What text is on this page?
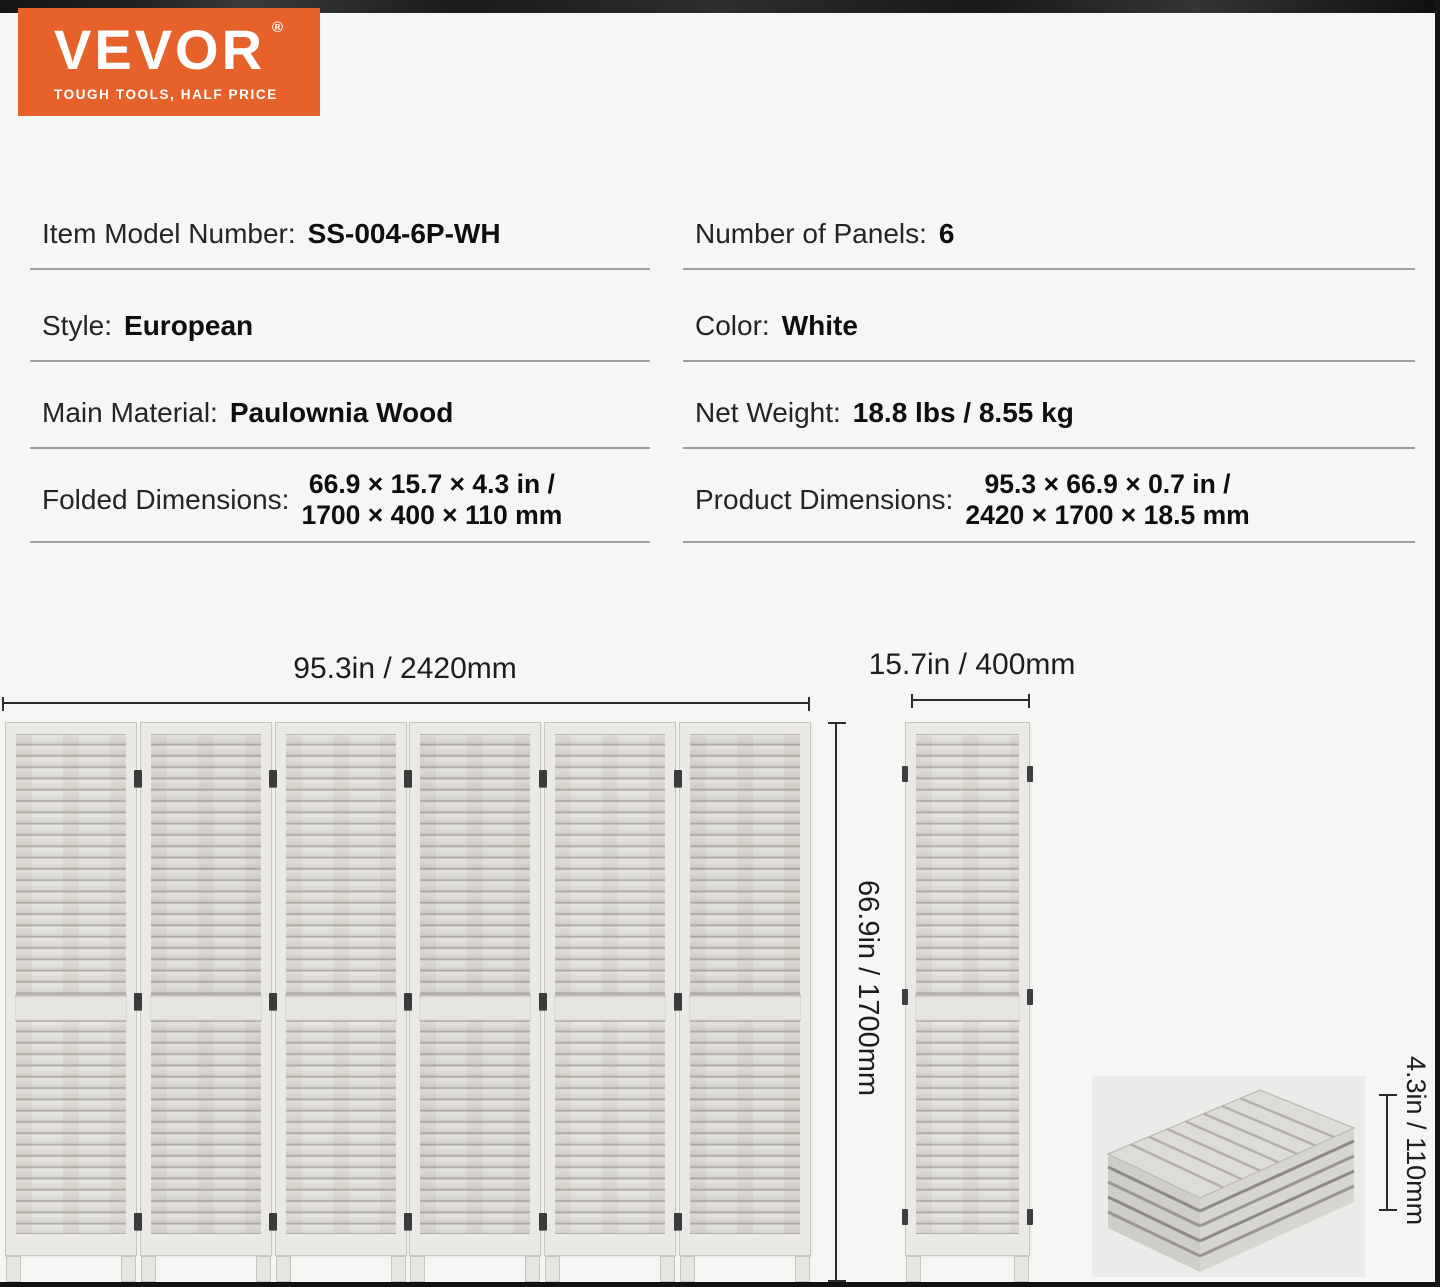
VEVOR ®
TOUGH TOOLS, HALF PRICE
Item Model Number: SS-004-6P-WH
Style: European
Main Material: Paulownia Wood
Folded Dimensions: 66.9 × 15.7 × 4.3 in /
1700 × 400 × 110 mm
Number of Panels: 6
Color: White
Net Weight: 18.8 lbs / 8.55 kg
Product Dimensions:	95.3 × 66.9 × 0.7 in /
2420 × 1700 × 18.5 mm
95.3in / 2420mm	15.7in / 400mm
66.9in / 1700mm
4.3in / 110mm
